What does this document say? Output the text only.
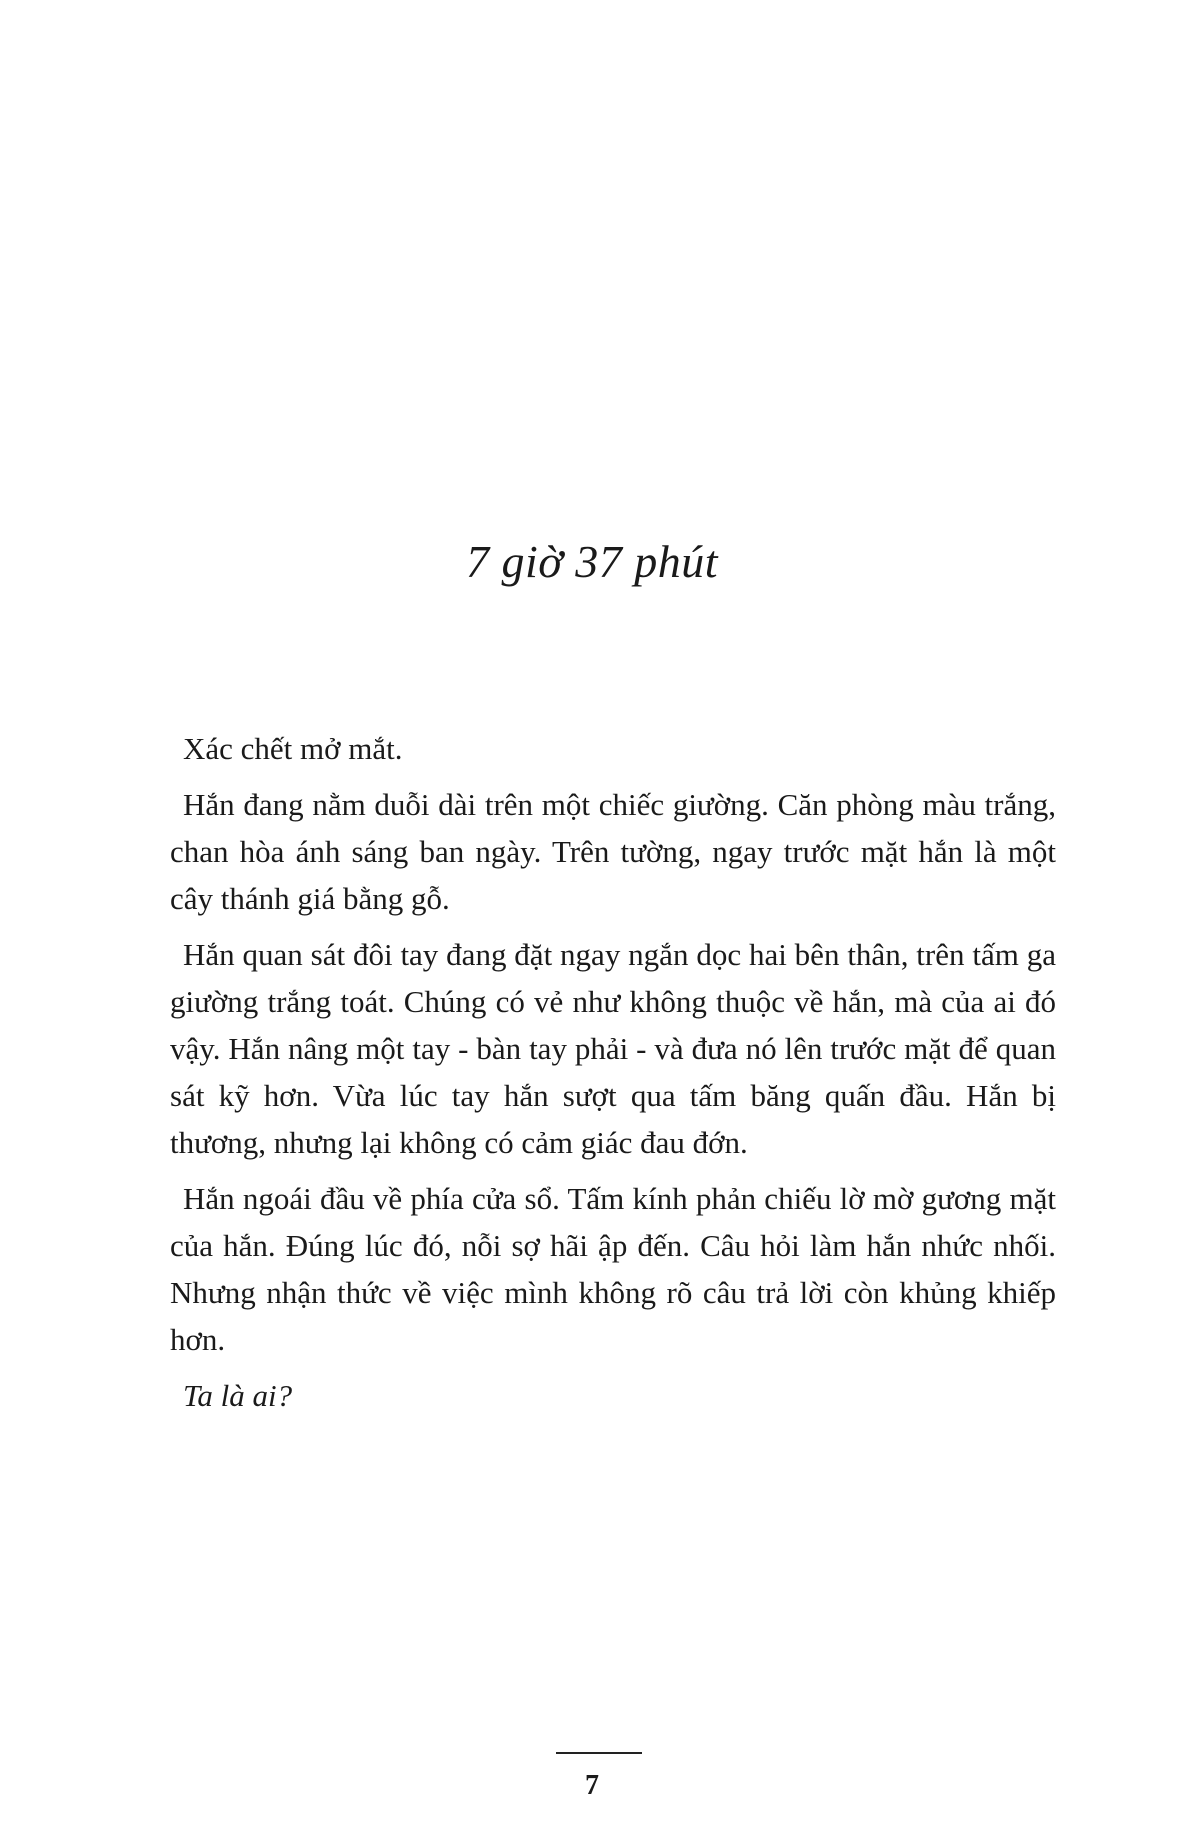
7 giờ 37 phút

Xác chết mở mắt.

Hắn đang nằm duỗi dài trên một chiếc giường. Căn phòng màu trắng, chan hòa ánh sáng ban ngày. Trên tường, ngay trước mặt hắn là một cây thánh giá bằng gỗ.

Hắn quan sát đôi tay đang đặt ngay ngắn dọc hai bên thân, trên tấm ga giường trắng toát. Chúng có vẻ như không thuộc về hắn, mà của ai đó vậy. Hắn nâng một tay - bàn tay phải - và đưa nó lên trước mặt để quan sát kỹ hơn. Vừa lúc tay hắn sượt qua tấm băng quấn đầu. Hắn bị thương, nhưng lại không có cảm giác đau đớn.

Hắn ngoái đầu về phía cửa sổ. Tấm kính phản chiếu lờ mờ gương mặt của hắn. Đúng lúc đó, nỗi sợ hãi ập đến. Câu hỏi làm hắn nhức nhối. Nhưng nhận thức về việc mình không rõ câu trả lời còn khủng khiếp hơn.

Ta là ai?

7
